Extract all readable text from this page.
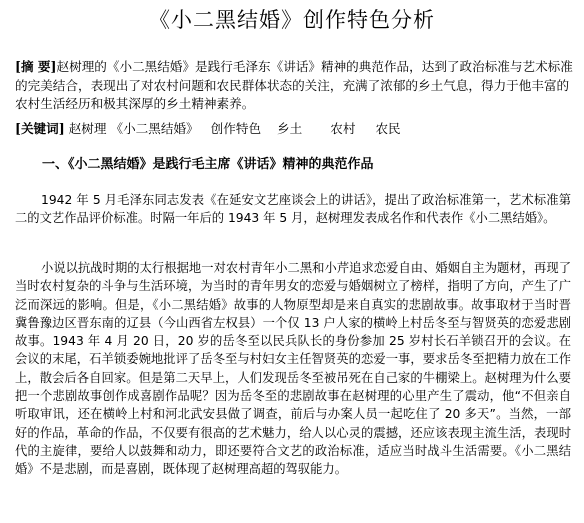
《小二黑结婚》创作特色分析
[摘 要]赵树理的《小二黑结婚》是践行毛泽东《讲话》精神的典范作品，达到了政治标准与艺术标准的完美结合，表现出了对农村问题和农民群体状态的关注，充满了浓郁的乡土气息，得力于他丰富的农村生活经历和极其深厚的乡土精神素养。
[关键词] 赵树理 《小二黑结婚》   创作特色    乡土       农村     农民
一、《小二黑结婚》是践行毛主席《讲话》精神的典范作品

1942 年 5 月毛泽东同志发表《在延安文艺座谈会上的讲话》，提出了政治标准第一，艺术标准第二的文艺作品评价标准。时隔一年后的 1943 年 5 月，赵树理发表成名作和代表作《小二黑结婚》。

小说以抗战时期的太行根据地一对农村青年小二黑和小芹追求恋爱自由、婚姻自主为题材，再现了当时农村复杂的斗争与生活环境，为当时的青年男女的恋爱与婚姻树立了榜样，指明了方向，产生了广泛而深远的影响。但是，《小二黑结婚》故事的人物原型却是来自真实的悲剧故事。故事取材于当时晋冀鲁豫边区晋东南的辽县（今山西省左权县）一个仅 13 户人家的横岭上村岳冬至与智贤英的恋爱悲剧故事。1943 年 4 月 20 日，20 岁的岳冬至以民兵队长的身份参加 25 岁村长石羊锁召开的会议。在会议的末尾，石羊锁委婉地批评了岳冬至与村妇女主任智贤英的恋爱一事，要求岳冬至把精力放在工作上，散会后各自回家。但是第二天早上，人们发现岳冬至被吊死在自己家的牛棚梁上。赵树理为什么要把一个悲剧故事创作成喜剧作品呢？因为岳冬至的悲剧故事在赵树理的心里产生了震动，他“不但亲自听取审讯，还在横岭上村和河北武安县做了调查，前后与办案人员一起吃住了 20 多天”。当然，一部好的作品，革命的作品，不仅要有很高的艺术魅力，给人以心灵的震撼，还应该表现主流生活，表现时代的主旋律，要给人以鼓舞和动力，即还要符合文艺的政治标准，适应当时战斗生活需要。《小二黑结婚》不是悲剧，而是喜剧，既体现了赵树理高超的驾驭能力。
